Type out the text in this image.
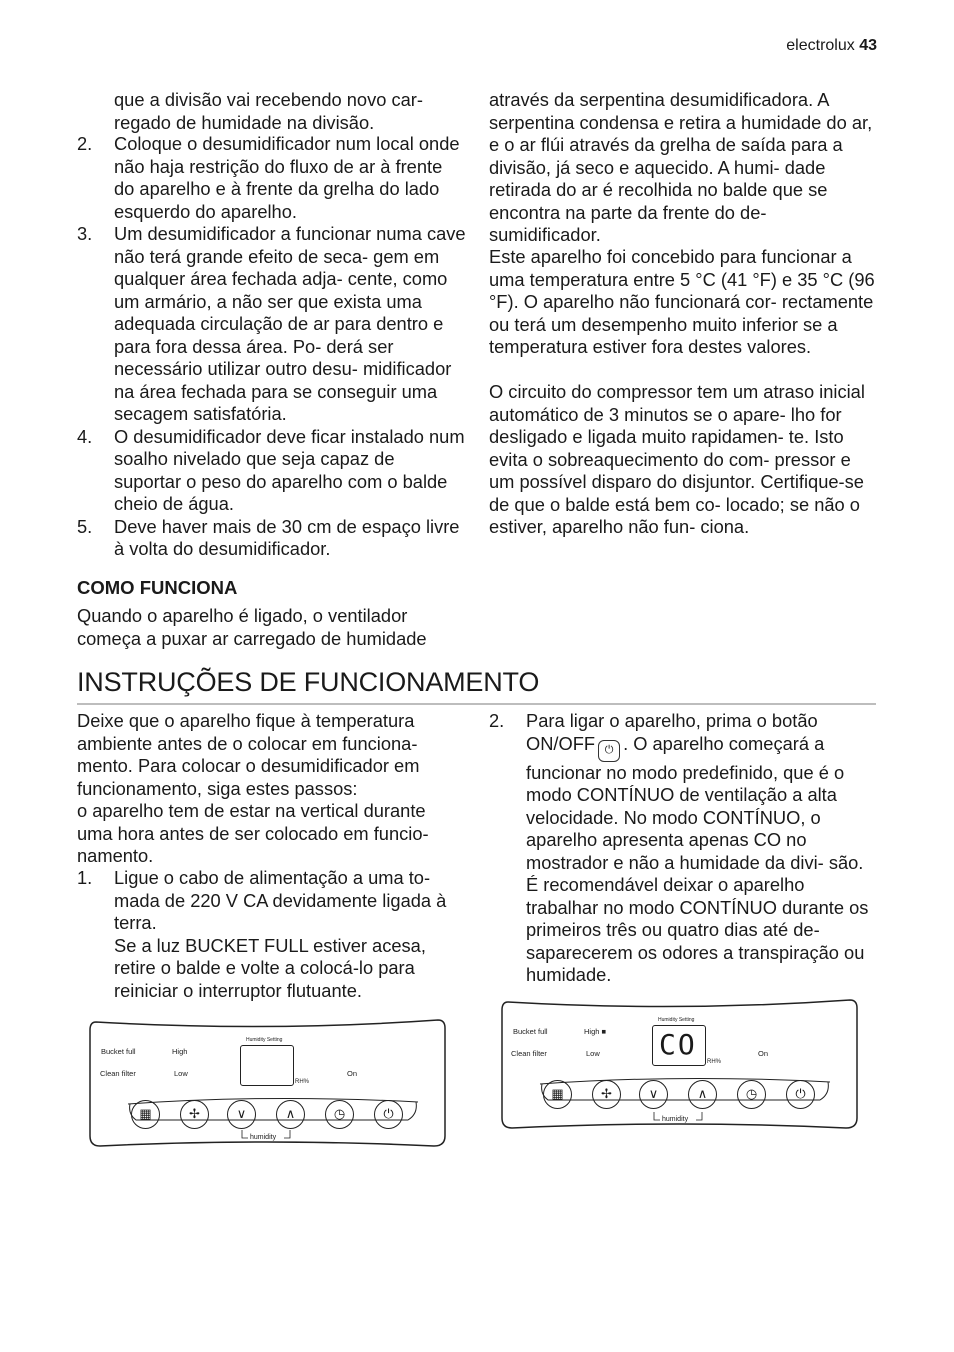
electrolux 43

que a divisão vai recebendo novo car- regado de humidade na divisão.

2. Coloque o desumidificador num local onde não haja restrição do fluxo de ar à frente do aparelho e à frente da grelha do lado esquerdo do aparelho.
3. Um desumidificador a funcionar numa cave não terá grande efeito de seca- gem em qualquer área fechada adja- cente, como um armário, a não ser que exista uma adequada circulação de ar para dentro e para fora dessa área. Po- derá ser necessário utilizar outro desu- midificador na área fechada para se conseguir uma secagem satisfatória.
4. O desumidificador deve ficar instalado num soalho nivelado que seja capaz de suportar o peso do aparelho com o balde cheio de água.
5. Deve haver mais de 30 cm de espaço livre à volta do desumidificador.
COMO FUNCIONA

Quando o aparelho é ligado, o ventilador começa a puxar ar carregado de humidade

através da serpentina desumidificadora. A serpentina condensa e retira a humidade do ar, e o ar flúi através da grelha de saída para a divisão, já seco e aquecido. A humi- dade retirada do ar é recolhida no balde que se encontra na parte da frente do de- sumidificador.

Este aparelho foi concebido para funcionar a uma temperatura entre 5 °C (41 °F) e 35 °C (96 °F). O aparelho não funcionará cor- rectamente ou terá um desempenho muito inferior se a temperatura estiver fora destes valores.

O circuito do compressor tem um atraso inicial automático de 3 minutos se o apare- lho for desligado e ligada muito rapidamen- te. Isto evita o sobreaquecimento do com- pressor e um possível disparo do disjuntor. Certifique-se de que o balde está bem co- locado; se não o estiver, aparelho não fun- ciona.

INSTRUÇÕES DE FUNCIONAMENTO

Deixe que o aparelho fique à temperatura ambiente antes de o colocar em funciona- mento. Para colocar o desumidificador em funcionamento, siga estes passos:

o aparelho tem de estar na vertical durante uma hora antes de ser colocado em funcio- namento.

1. Ligue o cabo de alimentação a uma to- mada de 220 V CA devidamente ligada à terra.
Se a luz BUCKET FULL estiver acesa, retire o balde e volte a colocá-lo para reiniciar o interruptor flutuante.
2. Para ligar o aparelho, prima o botão ON/OFF ⏻ . O aparelho começará a funcionar no modo predefinido, que é o modo CONTÍNUO de ventilação a alta velocidade. No modo CONTÍNUO, o aparelho apresenta apenas CO no mostrador e não a humidade da divi- são. É recomendável deixar o aparelho trabalhar no modo CONTÍNUO durante os primeiros três ou quatro dias até de- saparecerem os odores a transpiração ou humidade.
Bucket full
Clean filter
High
Low
Humidity Setting
RH%
On
▦	✢	∨	∧	◷	⏻
humidity
Bucket full
Clean filter
High ■
Low
Humidity Setting
CO
RH%
On
▦	✢	∨	∧	◷	⏻
humidity
